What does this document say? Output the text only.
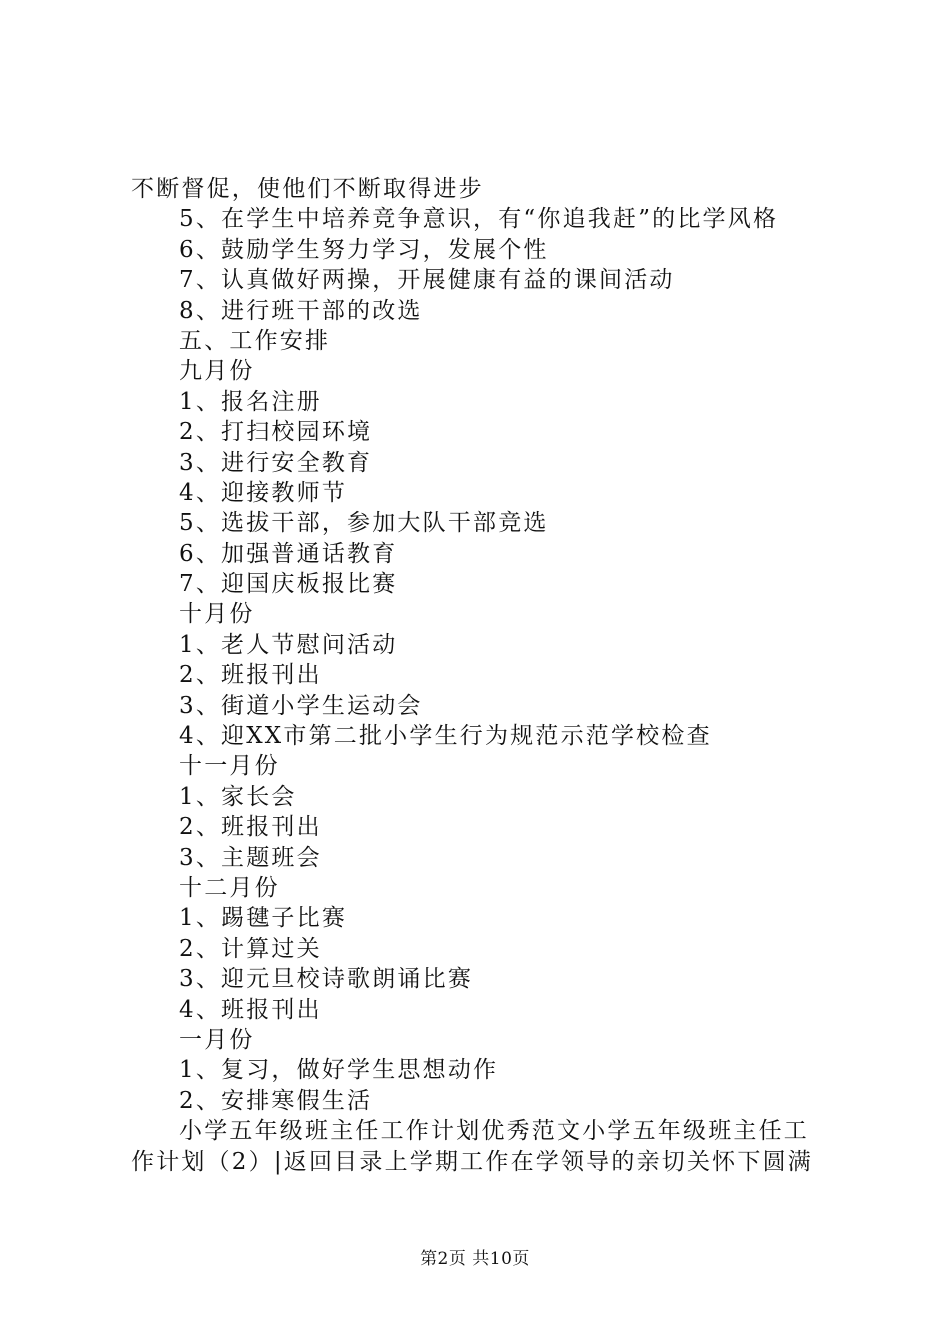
不断督促，使他们不断取得进步
5、在学生中培养竞争意识，有“你追我赶”的比学风格
6、鼓励学生努力学习，发展个性
7、认真做好两操，开展健康有益的课间活动
8、进行班干部的改选
五、工作安排
九月份
1、报名注册
2、打扫校园环境
3、进行安全教育
4、迎接教师节
5、选拔干部，参加大队干部竞选
6、加强普通话教育
7、迎国庆板报比赛
十月份
1、老人节慰问活动
2、班报刊出
3、街道小学生运动会
4、迎XX市第二批小学生行为规范示范学校检查
十一月份
1、家长会
2、班报刊出
3、主题班会
十二月份
1、踢毽子比赛
2、计算过关
3、迎元旦校诗歌朗诵比赛
4、班报刊出
一月份
1、复习，做好学生思想动作
2、安排寒假生活
小学五年级班主任工作计划优秀范文小学五年级班主任工
作计划（2）|返回目录上学期工作在学领导的亲切关怀下圆满
第2页 共10页
